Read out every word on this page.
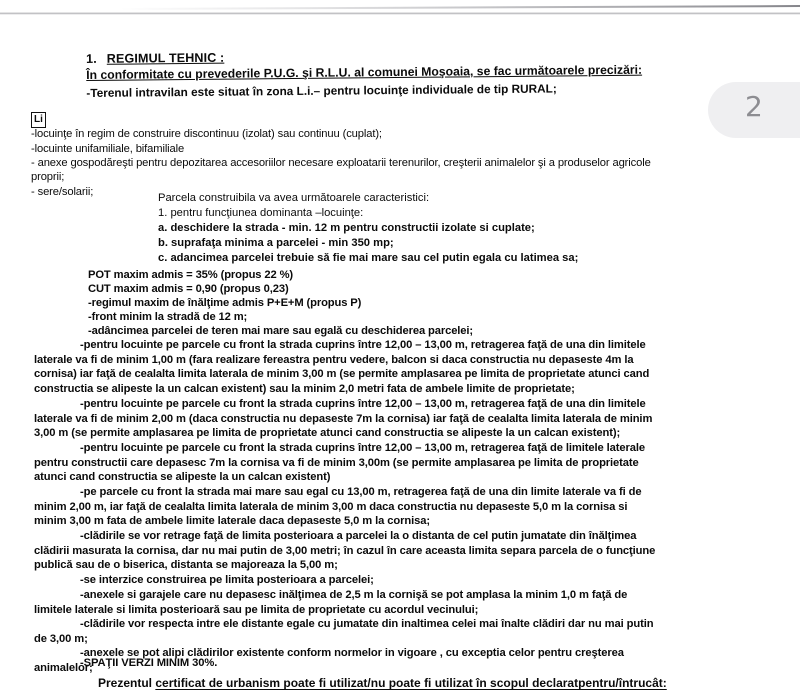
2
1. REGIMUL TEHNIC :
În conformitate cu prevederile P.U.G. şi R.L.U. al comunei Moşoaia, se fac următoarele precizări:
-Terenul intravilan este situat în zona L.i.– pentru locuinţe individuale de tip RURAL;
Li
-locuinţe în regim de construire discontinuu (izolat) sau continuu (cuplat);
-locuinte unifamiliale, bifamiliale
- anexe gospodăreşti pentru depozitarea accesoriilor necesare exploatarii terenurilor, creşterii animalelor şi a produselor agricole
proprii;
- sere/solarii;	Parcela construibila va avea următoarele caracteristici:
1. pentru funcţiunea dominanta –locuinţe:
a. deschidere la strada - min. 12 m pentru constructii izolate si cuplate;
b. suprafaţa minima a parcelei - min 350 mp;
c. adancimea parcelei trebuie să fie mai mare sau cel putin egala cu latimea sa;
POT maxim admis = 35% (propus 22 %)
CUT maxim admis = 0,90 (propus 0,23)
-regimul maxim de înălţime admis P+E+M (propus P)
-front minim la stradă de 12 m;
-adâncimea parcelei de teren mai mare sau egală cu deschiderea parcelei;
-pentru locuinte pe parcele cu front la strada cuprins între 12,00 – 13,00 m, retragerea faţă de una din limitele
laterale va fi de minim 1,00 m (fara realizare fereastra pentru vedere, balcon si daca constructia nu depaseste 4m la
cornisa) iar faţă de cealalta limita laterala de minim 3,00 m (se permite amplasarea pe limita de proprietate atunci cand
constructia se alipeste la un calcan existent) sau la minim 2,0 metri fata de ambele limite de proprietate;
-pentru locuinte pe parcele cu front la strada cuprins între 12,00 – 13,00 m, retragerea faţă de una din limitele
laterale va fi de minim 2,00 m (daca constructia nu depaseste 7m la cornisa) iar faţă de cealalta limita laterala de minim
3,00 m (se permite amplasarea pe limita de proprietate atunci cand constructia se alipeste la un calcan existent);
-pentru locuinte pe parcele cu front la strada cuprins între 12,00 – 13,00 m, retragerea faţă de limitele laterale
pentru constructii care depasesc 7m la cornisa va fi de minim 3,00m (se permite amplasarea pe limita de proprietate
atunci cand constructia se alipeste la un calcan existent)
-pe parcele cu front la strada mai mare sau egal cu 13,00 m, retragerea faţă de una din limite laterale va fi de
minim 2,00 m, iar faţă de cealalta limita laterala de minim 3,00 m daca constructia nu depaseste 5,0 m la cornisa si
minim 3,00 m fata de ambele limite laterale daca depaseste 5,0 m la cornisa;
-clădirile se vor retrage faţă de limita posterioara a parcelei la o distanta de cel putin jumatate din înălţimea
clădirii masurata la cornisa, dar nu mai putin de 3,00 metri; în cazul în care aceasta limita separa parcela de o funcţiune
publică sau de o biserica, distanta se majoreaza la 5,00 m;
-se interzice construirea pe limita posterioara a parcelei;
-anexele si garajele care nu depasesc inălţimea de 2,5 m la cornişă se pot amplasa la minim 1,0 m faţă de
limitele laterale si limita posterioară sau pe limita de proprietate cu acordul vecinului;
-clădirile vor respecta intre ele distante egale cu jumatate din inaltimea celei mai înalte clădiri dar nu mai putin
de 3,00 m;
-anexele se pot alipi clădirilor existente conform normelor in vigoare , cu exceptia celor pentru creşterea
animalelor;
-SPAŢII VERZI MINIM 30%.
Prezentul certificat de urbanism poate fi utilizat/nu poate fi utilizat în scopul declaratpentru/întrucât:
